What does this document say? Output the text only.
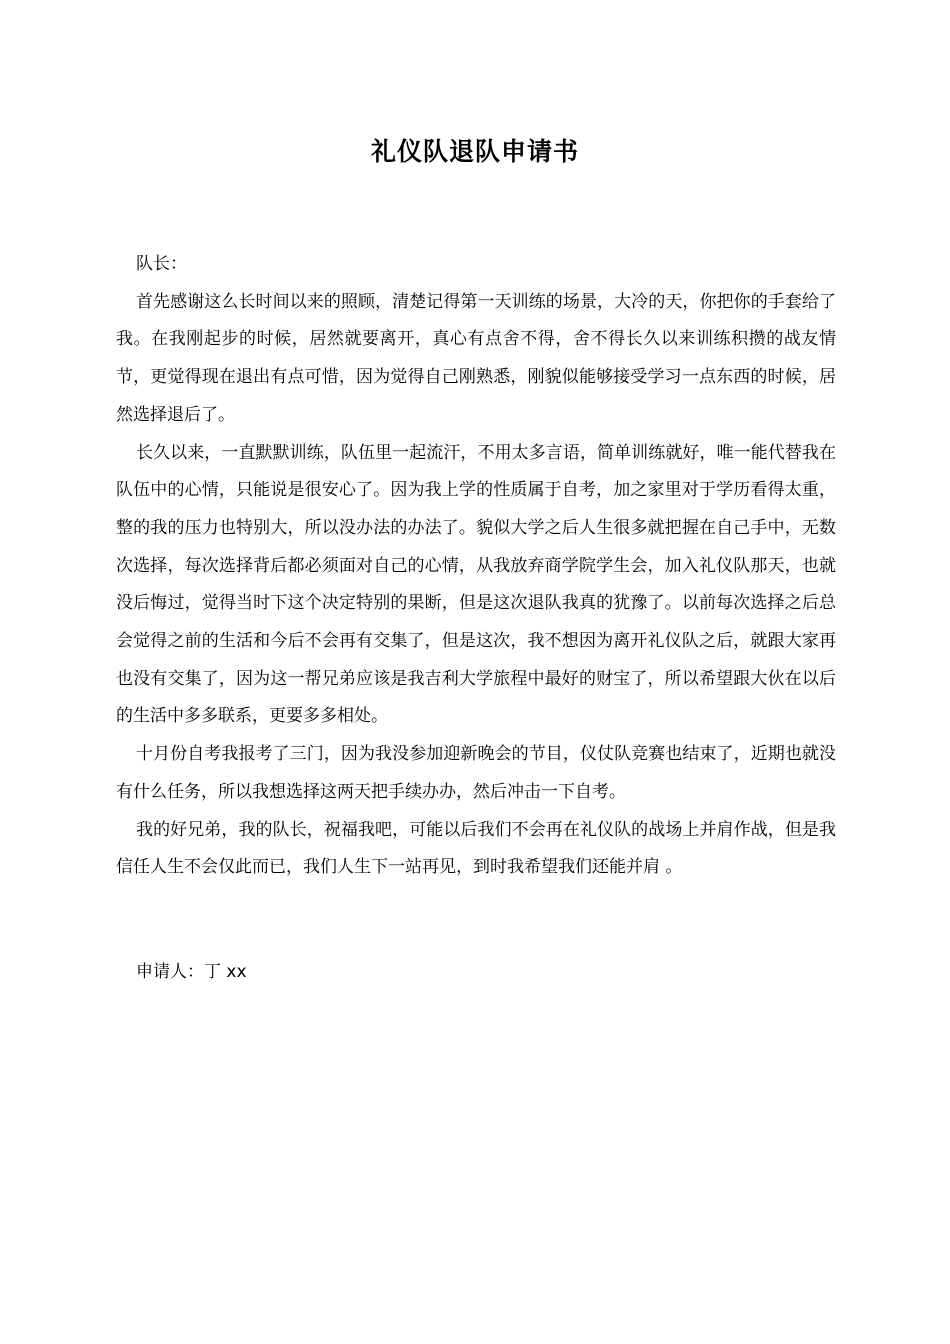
礼仪队退队申请书

队长：

首先感谢这么长时间以来的照顾，清楚记得第一天训练的场景，大冷的天，你把你的手套给了我。在我刚起步的时候，居然就要离开，真心有点舍不得，舍不得长久以来训练积攒的战友情节，更觉得现在退出有点可惜，因为觉得自己刚熟悉，刚貌似能够接受学习一点东西的时候，居然选择退后了。

长久以来，一直默默训练，队伍里一起流汗，不用太多言语，简单训练就好，唯一能代替我在队伍中的心情，只能说是很安心了。因为我上学的性质属于自考，加之家里对于学历看得太重，整的我的压力也特别大，所以没办法的办法了。貌似大学之后人生很多就把握在自己手中，无数次选择，每次选择背后都必须面对自己的心情，从我放弃商学院学生会，加入礼仪队那天，也就没后悔过，觉得当时下这个决定特别的果断，但是这次退队我真的犹豫了。以前每次选择之后总会觉得之前的生活和今后不会再有交集了，但是这次，我不想因为离开礼仪队之后，就跟大家再也没有交集了，因为这一帮兄弟应该是我吉利大学旅程中最好的财宝了，所以希望跟大伙在以后的生活中多多联系，更要多多相处。

十月份自考我报考了三门，因为我没参加迎新晚会的节目，仪仗队竞赛也结束了，近期也就没有什么任务，所以我想选择这两天把手续办办，然后冲击一下自考。

我的好兄弟，我的队长，祝福我吧，可能以后我们不会再在礼仪队的战场上并肩作战，但是我信任人生不会仅此而已，我们人生下一站再见，到时我希望我们还能并肩 。

申请人：丁 xx
